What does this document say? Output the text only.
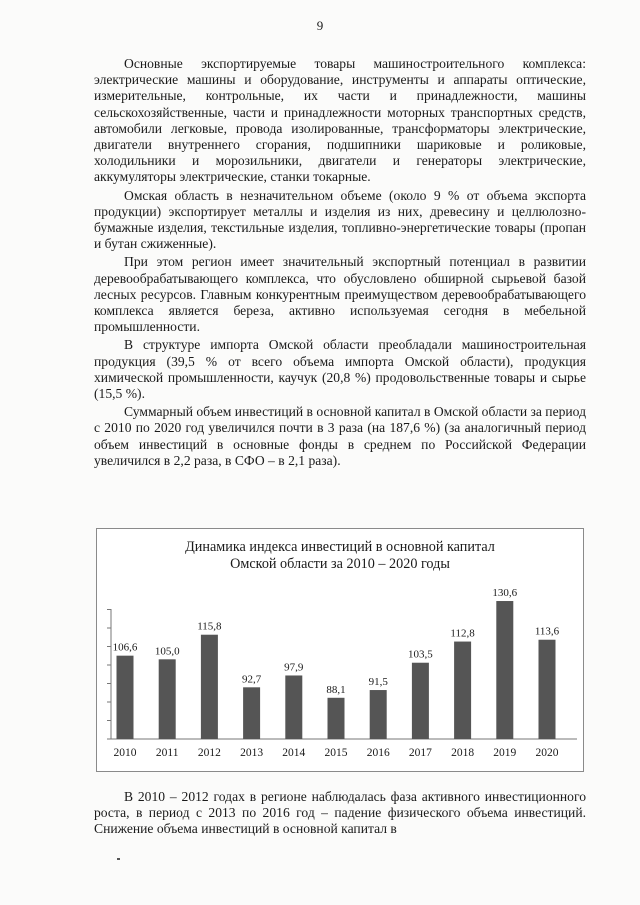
9

Основные экспортируемые товары машиностроительного комплекса: электрические машины и оборудование, инструменты и аппараты оптические, измерительные, контрольные, их части и принадлежности, машины сельскохозяйственные, части и принадлежности моторных транспортных средств, автомобили легковые, провода изолированные, трансформаторы электрические, двигатели внутреннего сгорания, подшипники шариковые и роликовые, холодильники и морозильники, двигатели и генераторы электрические, аккумуляторы электрические, станки токарные.

Омская область в незначительном объеме (около 9 % от объема экспорта продукции) экспортирует металлы и изделия из них, древесину и целлюлозно-бумажные изделия, текстильные изделия, топливно-энергетические товары (пропан и бутан сжиженные).

При этом регион имеет значительный экспортный потенциал в развитии деревообрабатывающего комплекса, что обусловлено обширной сырьевой базой лесных ресурсов. Главным конкурентным преимуществом деревообрабатывающего комплекса является береза, активно используемая сегодня в мебельной промышленности.

В структуре импорта Омской области преобладали машиностроительная продукция (39,5 % от всего объема импорта Омской области), продукция химической промышленности, каучук (20,8 %) продовольственные товары и сырье (15,5 %).

Суммарный объем инвестиций в основной капитал в Омской области за период с 2010 по 2020 год увеличился почти в 3 раза (на 187,6 %) (за аналогичный период объем инвестиций в основные фонды в среднем по Российской Федерации увеличился в 2,2 раза, в СФО – в 2,1 раза).

Динамика индекса инвестиций в основной капитал
Омской области за 2010 – 2020 годы
106,6
2010
105,0
2011
115,8
2012
92,7
2013
97,9
2014
88,1
2015
91,5
2016
103,5
2017
112,8
2018
130,6
2019
113,6
2020

В 2010 – 2012 годах в регионе наблюдалась фаза активного инвестиционного роста, в период с 2013 по 2016 год – падение физического объема инвестиций. Снижение объема инвестиций в основной капитал в
